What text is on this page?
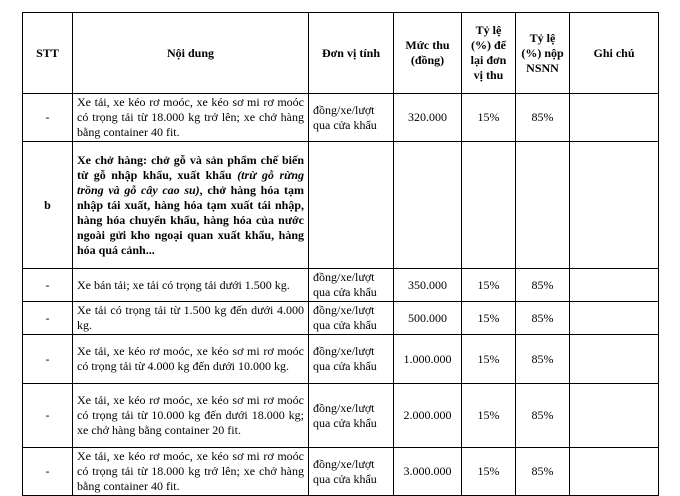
STT	Nội dung	Đơn vị tính	Mức thu (đồng)	Tỷ lệ (%) để lại đơn vị thu	Tỷ lệ (%) nộp NSNN	Ghi chú
-	Xe tải, xe kéo rơ moóc, xe kéo sơ mi rơ moóc có trọng tải từ 18.000 kg trở lên; xe chở hàng bằng container 40 fit.	đồng/xe/lượt qua cửa khẩu	320.000	15%	85%	
b	Xe chở hàng: chở gỗ và sản phẩm chế biến từ gỗ nhập khẩu, xuất khẩu (trừ gỗ rừng trồng và gỗ cây cao su), chở hàng hóa tạm nhập tái xuất, hàng hóa tạm xuất tái nhập, hàng hóa chuyển khẩu, hàng hóa của nước ngoài gửi kho ngoại quan xuất khẩu, hàng hóa quá cảnh...					
-	Xe bán tải; xe tải có trọng tải dưới 1.500 kg.	đồng/xe/lượt qua cửa khẩu	350.000	15%	85%	
-	Xe tải có trọng tải từ 1.500 kg đến dưới 4.000 kg.	đồng/xe/lượt qua cửa khẩu	500.000	15%	85%	
-	Xe tải, xe kéo rơ moóc, xe kéo sơ mi rơ moóc có trọng tải từ 4.000 kg đến dưới 10.000 kg.	đồng/xe/lượt qua cửa khẩu	1.000.000	15%	85%	
-	Xe tải, xe kéo rơ moóc, xe kéo sơ mi rơ moóc có trọng tải từ 10.000 kg đến dưới 18.000 kg; xe chở hàng bằng container 20 fit.	đồng/xe/lượt qua cửa khẩu	2.000.000	15%	85%	
-	Xe tải, xe kéo rơ moóc, xe kéo sơ mi rơ moóc có trọng tải từ 18.000 kg trở lên; xe chở hàng bằng container 40 fit.	đồng/xe/lượt qua cửa khẩu	3.000.000	15%	85%	
